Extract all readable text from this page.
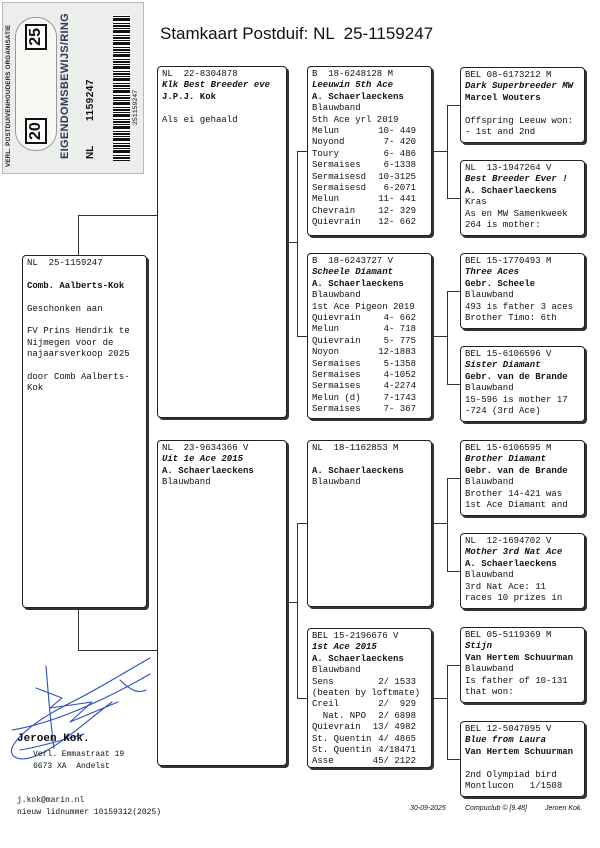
VERL. POSTDUIVENHOUDERS ORGANISATIE 20
25 EIGENDOMSBEWIJS/RING NL
1159247	251159247
Stamkaart Postduif: NL  25-1159247
NL  25-1159247
Comb. Aalberts-Kok
Geschonken aan
FV Prins Hendrik te
Nijmegen voor de
najaarsverkoop 2025
door Comb Aalberts-
Kok
NL  22-8304878
Klk Best Breeder eve
J.P.J. Kok
Als ei gehaald
NL  23-9634366 V
Uit 1e Ace 2015
A. Schaerlaeckens
Blauwband
B  18-6248128 M
Leeuwin 5th Ace
A. Schaerlaeckens
Blauwband
5th Ace yrl 2019
Melun	10- 449
Noyond	7- 420
Toury	6- 486
Sermaises	6-1338
Sermaisesd 10-3125
Sermaisesd 6-2071
Melun	11- 441
Chevrain	12- 329
Quievrain 12- 662
B  18-6243727 V
Scheele Diamant
A. Schaerlaeckens
Blauwband
1st Ace Pigeon 2019
Quievrain	4- 662
Melun	4- 718
Quievrain	5- 775
Noyon	12-1883
Sermaises	5-1358
Sermaises	4-1052
Sermaises	4-2274
Melun (d)	7-1743
Sermaises	7- 367
NL  18-1162853 M
A. Schaerlaeckens
Blauwband
BEL 15-2196676 V
1st Ace 2015
A. Schaerlaeckens
Blauwband
Sens	2/ 1533
(beaten by loftmate)
Creil	2/  929
Nat. NPO 2/ 6898
Quievrain 13/ 4982
St. Quentin 4/ 4865
St. Quentin 4/18471
Asse	45/ 2122
BEL 08-6173212 M
Dark Superbreeder MW
Marcel Wouters
Offspring Leeuw won:
- 1st and 2nd
NL  13-1947264 V
Best Breeder Ever !
A. Schaerlaeckens
Kras
As en MW Samenkweek
264 is mother:
BEL 15-1770493 M
Three Aces
Gebr. Scheele
Blauwband
493 is father 3 aces
Brother Timo: 6th
BEL 15-6106596 V
Sister Diamant
Gebr. van de Brande
Blauwband
15-596 is mother 17
-724 (3rd Ace)
BEL 15-6106595 M
Brother Diamant
Gebr. van de Brande
Blauwband
Brother 14-421 was
1st Ace Diamant and
NL  12-1694702 V
Mother 3rd Nat Ace
A. Schaerlaeckens
Blauwband
3rd Nat Ace: 11
races 10 prizes in
BEL 05-5119369 M
Stijn
Van Hertem Schuurman
Blauwband
Is father of 10-131
that won:
BEL 12-5047095 V
Blue from Laura
Van Hertem Schuurman
2nd Olympiad bird
Montlucon   1/1508
Jeroen Kok.
Verl. Emmastraat 19
6673 XA  Andelst
j.kok@marin.nl
nieuw lidnummer 10159312(2025)	30-09-2025	Compuclub © [9.48]	Jeroen Kok.
